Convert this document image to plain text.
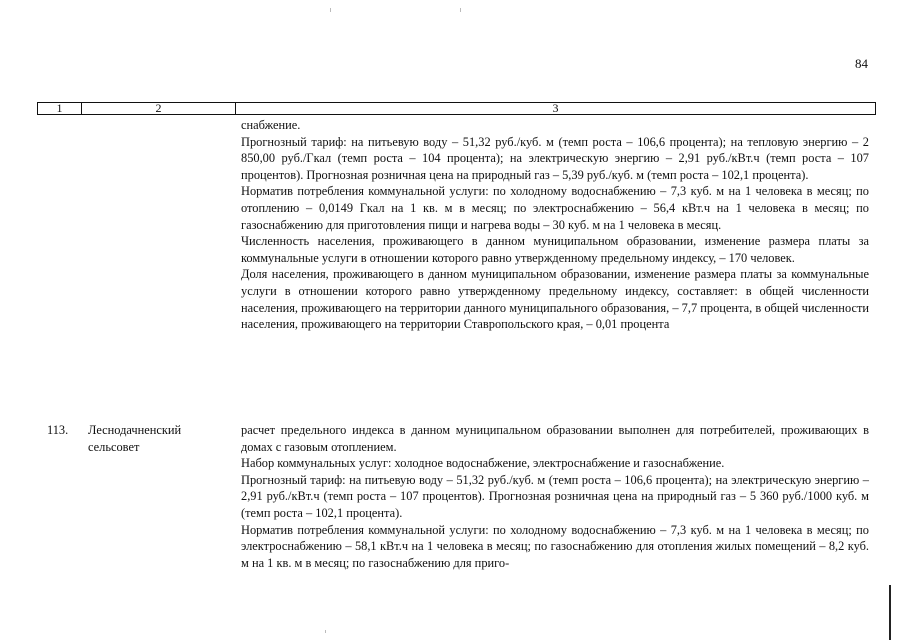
84
1	2	3

снабжение.

Прогнозный тариф: на питьевую воду – 51,32 руб./куб. м (темп роста – 106,6 процента); на тепловую энергию – 2 850,00 руб./Гкал (темп роста – 104 процента); на электрическую энергию – 2,91 руб./кВт.ч (темп роста – 107 процентов). Прогнозная розничная цена на природный газ – 5,39 руб./куб. м (темп роста – 102,1 процента).

Норматив потребления коммунальной услуги: по холодному водоснабжению – 7,3 куб. м на 1 человека в месяц; по отоплению – 0,0149 Гкал на 1 кв. м в месяц; по электроснабжению – 56,4 кВт.ч на 1 человека в месяц; по газоснабжению для приготовления пищи и нагрева воды – 30 куб. м на 1 человека в месяц.

Численность населения, проживающего в данном муниципальном образовании, изменение размера платы за коммунальные услуги в отношении которого равно утвержденному предельному индексу, – 170 человек.

Доля населения, проживающего в данном муниципальном образовании, изменение размера платы за коммунальные услуги в отношении которого равно утвержденному предельному индексу, составляет: в общей численности населения, проживающего на территории данного муниципального образования, – 7,7 процента, в общей численности населения, проживающего на территории Ставропольского края, – 0,01 процента

113. Леснодачненский сельсовет

расчет предельного индекса в данном муниципальном образовании выполнен для потребителей, проживающих в домах с газовым отоплением.

Набор коммунальных услуг: холодное водоснабжение, электроснабжение и газоснабжение.

Прогнозный тариф: на питьевую воду – 51,32 руб./куб. м (темп роста – 106,6 процента); на электрическую энергию – 2,91 руб./кВт.ч (темп роста – 107 процентов). Прогнозная розничная цена на природный газ – 5 360 руб./1000 куб. м (темп роста – 102,1 процента).

Норматив потребления коммунальной услуги: по холодному водоснабжению – 7,3 куб. м на 1 человека в месяц; по электроснабжению – 58,1 кВт.ч на 1 человека в месяц; по газоснабжению для отопления жилых помещений – 8,2 куб. м на 1 кв. м в месяц; по газоснабжению для приго-
